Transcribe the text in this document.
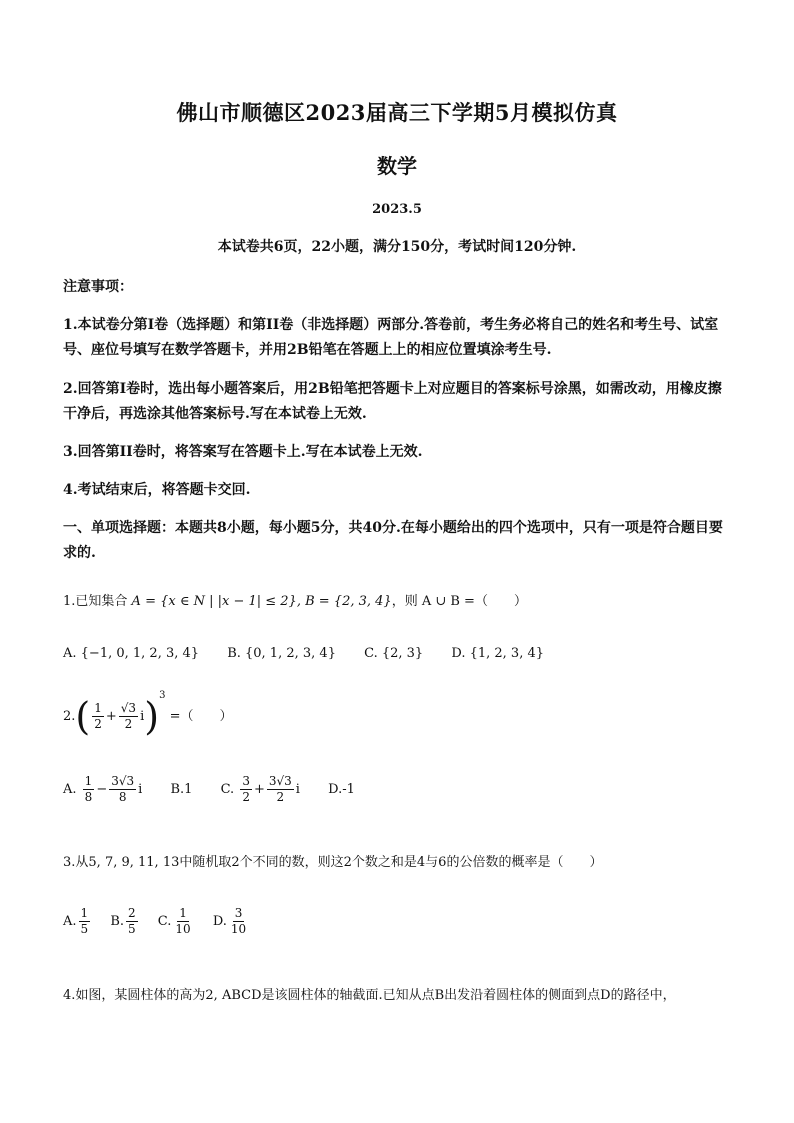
佛山市顺德区2023届高三下学期5月模拟仿真
数学
2023.5
本试卷共6页，22小题，满分150分，考试时间120分钟.
注意事项：
1.本试卷分第I卷（选择题）和第II卷（非选择题）两部分.答卷前，考生务必将自己的姓名和考生号、试室号、座位号填写在数学答题卡，并用2B铅笔在答题上上的相应位置填涂考生号.
2.回答第I卷时，选出每小题答案后，用2B铅笔把答题卡上对应题目的答案标号涂黑，如需改动，用橡皮擦干净后，再选涂其他答案标号.写在本试卷上无效.
3.回答第II卷时，将答案写在答题卡上.写在本试卷上无效.
4.考试结束后，将答题卡交回.
一、单项选择题：本题共8小题，每小题5分，共40分.在每小题给出的四个选项中，只有一项是符合题目要求的.
1.已知集合 A = {x ∈ N | |x − 1| ≤ 2}, B = {2, 3, 4}，则 A ∪ B =（　　）
A. {−1, 0, 1, 2, 3, 4} B. {0, 1, 2, 3, 4} C. {2, 3} D. {1, 2, 3, 4}
$2.( \frac{1}{2} + \frac{√3}{2} i)^3$ =（　　）
A. $\frac{1}{8} - \frac{3√3}{8}$ i B.1 C. $\frac{3}{2} + \frac{3√3}{2}$ i D.-1
3.从5, 7, 9, 11, 13中随机取2个不同的数，则这2个数之和是4与6的公倍数的概率是（　　）
A. $\frac{1}{5} B$. $\frac{2}{5} C$. $\frac{1}{10} D$. $\frac{3}{10}$
4.如图，某圆柱体的高为2, ABCD是该圆柱体的轴截面.已知从点B出发沿着圆柱体的侧面到点D的路径中，
